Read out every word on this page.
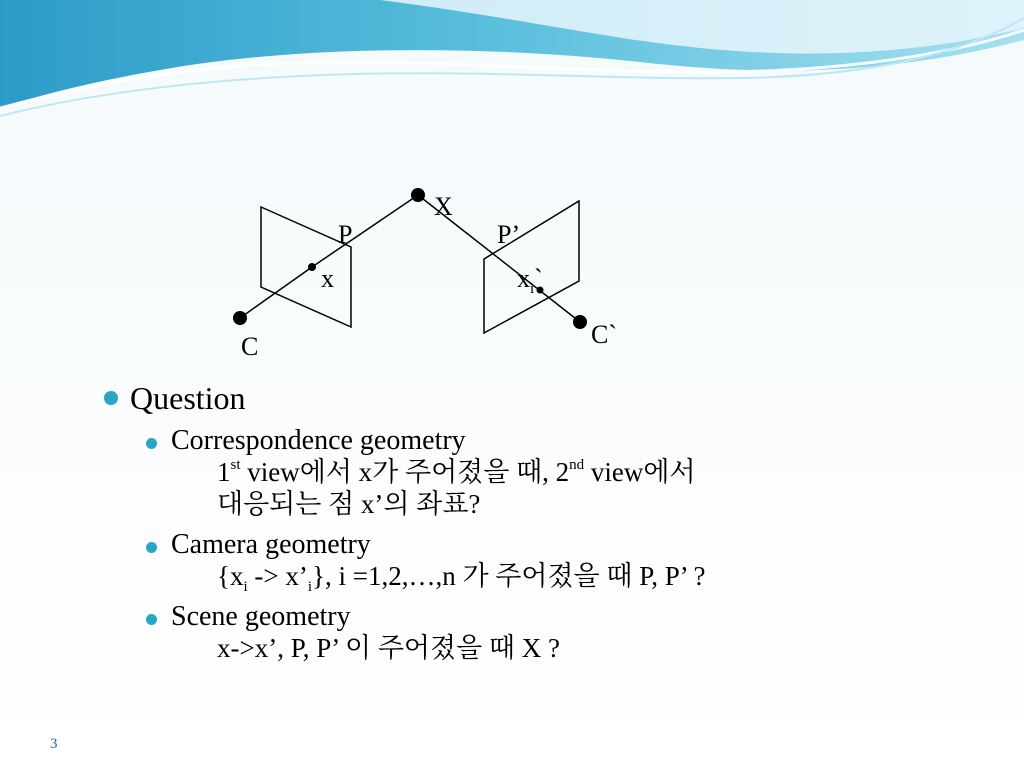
X
P	P’
x	$x_i`$
C	C`
Question
Correspondence geometry
1st view에서 x가 주어졌을 때, 2nd view에서
대응되는 점 x’의 좌표?
Camera geometry
{$x_i$ -> $x’_i$}, i =1,2,…,n 가 주어졌을 때 P, P’ ?
Scene geometry
x->x’, P, P’ 이 주어졌을 때 X ?
3
